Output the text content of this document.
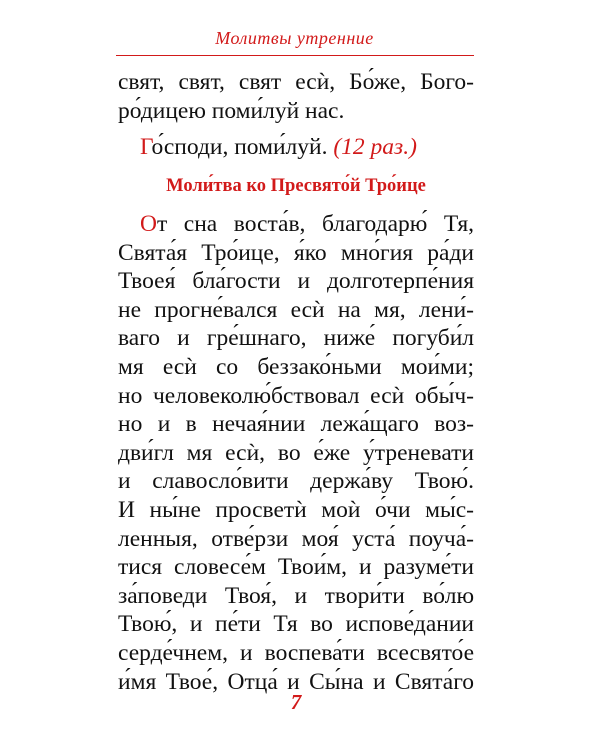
Молитвы утренние
свят, свят, свят есѝ, Бо́же, Бого-
ро́дицею поми́луй нас.
Го́споди, поми́луй. (12 раз.)
Моли́тва ко Пресвято́й Тро́ице
От сна воста́в, благодарю́ Тя,
Свята́я Тро́ице, я́ко мно́гия ра́ди
Твоея́ бла́гости и долготерпе́ния
не прогне́вался есѝ на мя, лени́-
ваго и гре́шнаго, ниже́ погуби́л
мя есѝ со беззако́ньми мои́ми;
но человеколю́бствовал есѝ обы́ч-
но и в нечая́нии лежа́щаго воз-
дви́гл мя есѝ, во е́же у́треневати
и славосло́вити держа́ву Твою́.
И ны́не просветѝ моѝ о́чи мы́с-
ленныя, отве́рзи моя́ уста́ поуча́-
тися словесе́м Твои́м, и разуме́ти
за́поведи Твоя́, и твори́ти во́лю
Твою́, и пе́ти Тя во испове́дании
серде́чнем, и воспева́ти всесвято́е
и́мя Твое́, Отца́ и Сы́на и Свята́го
7
